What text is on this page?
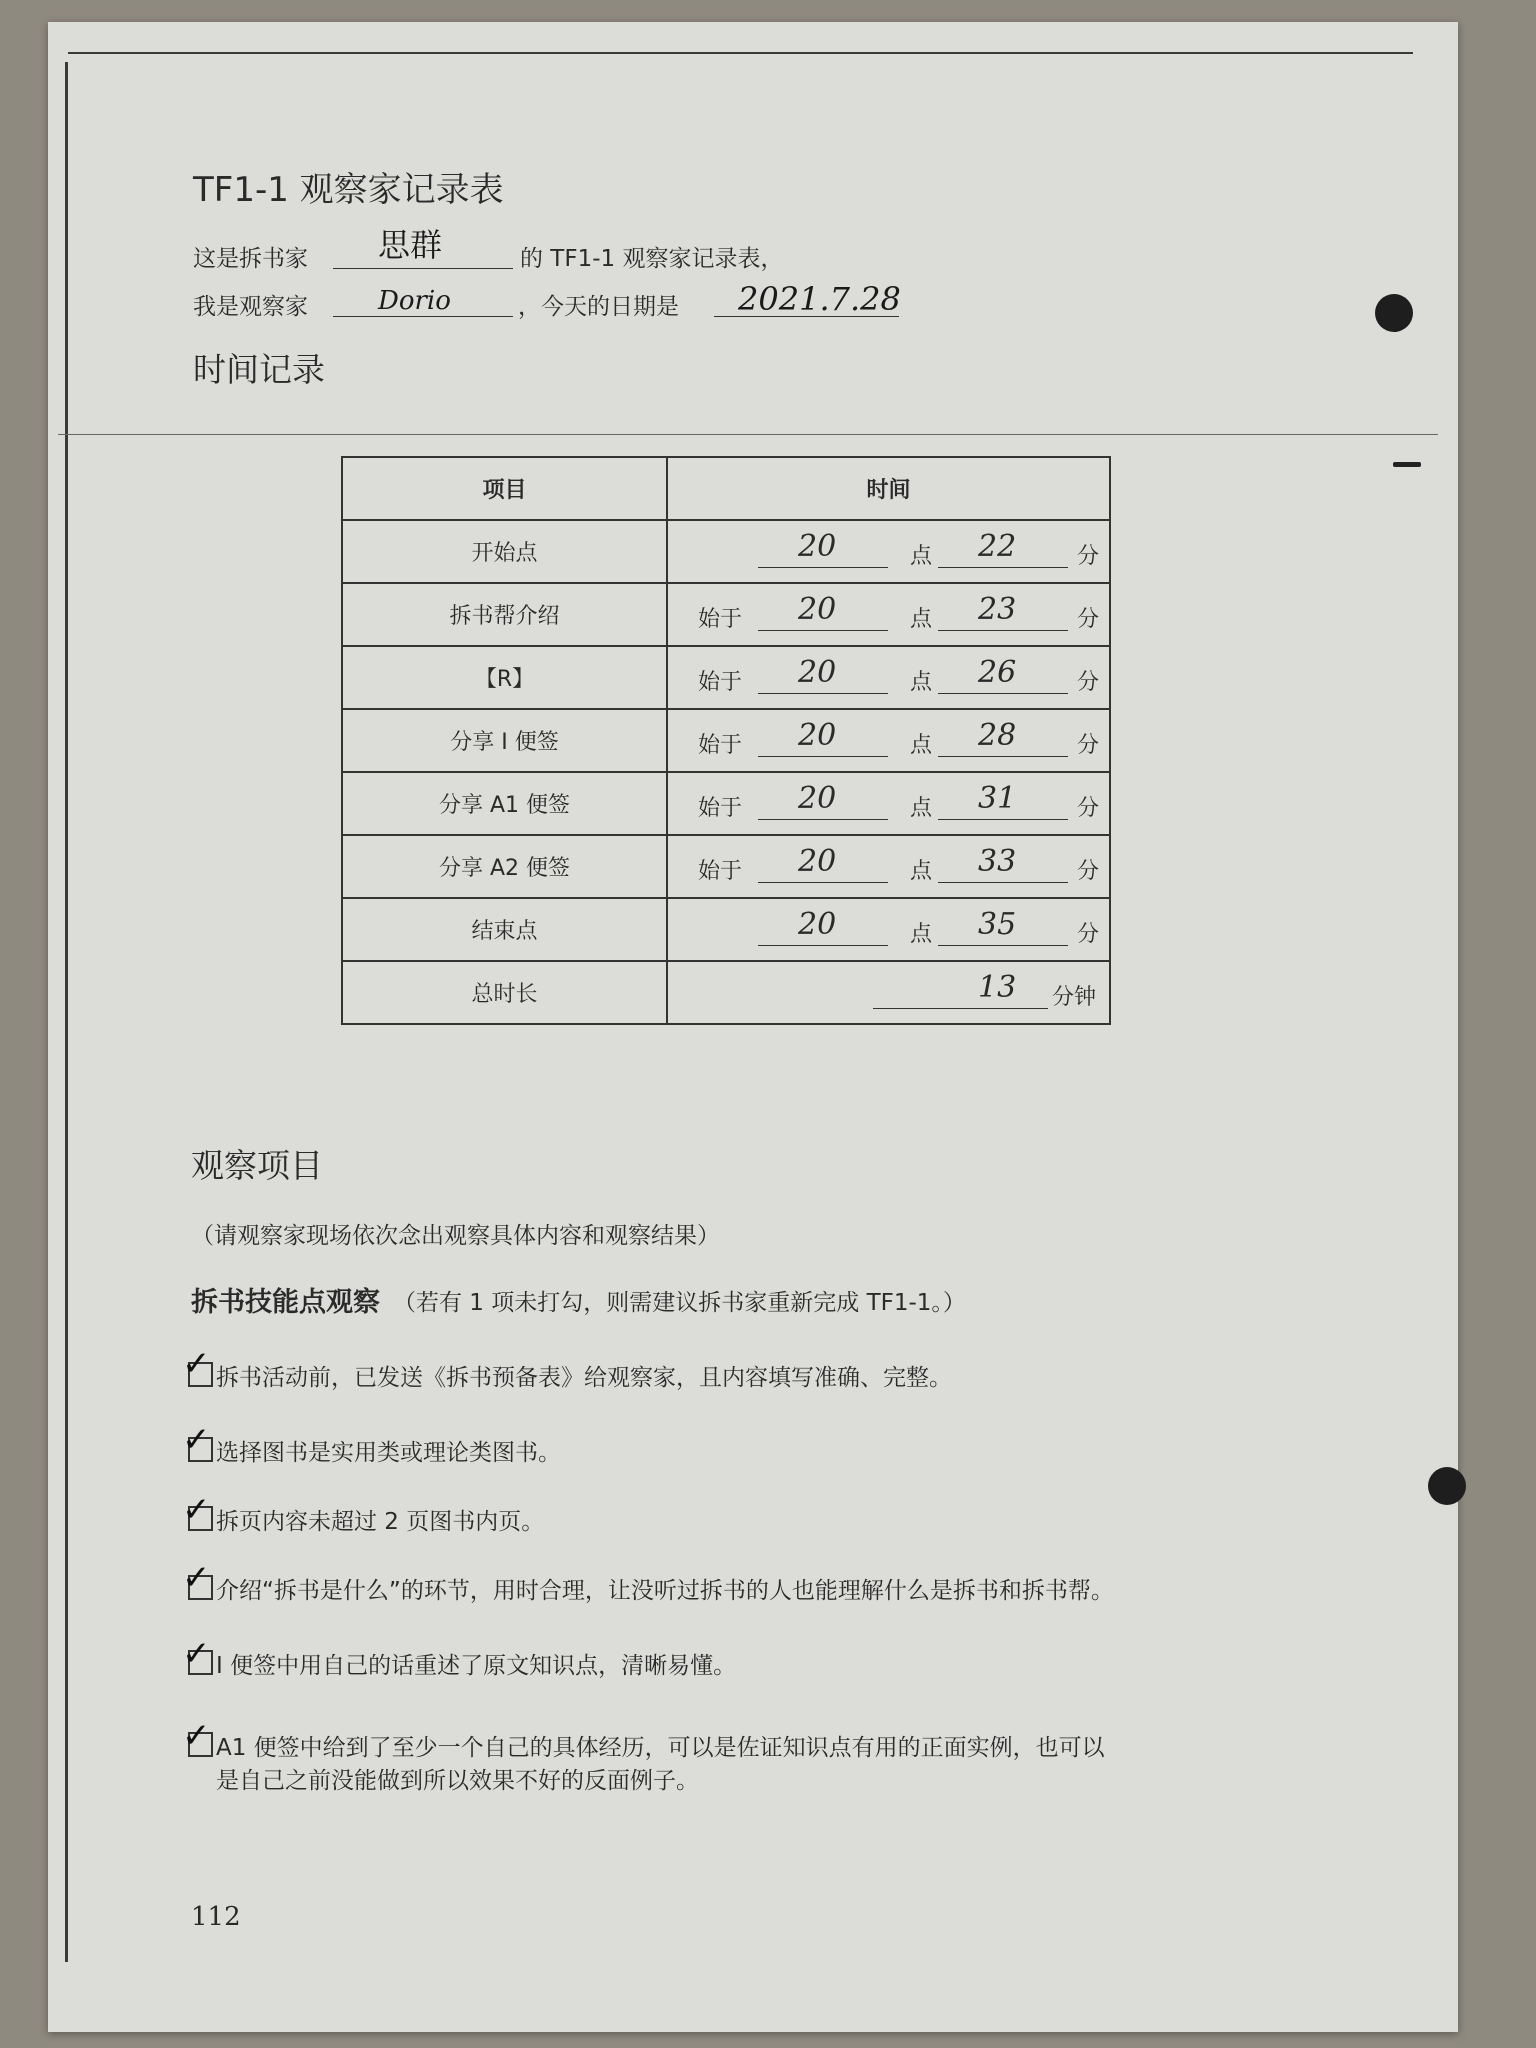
TF1-1 观察家记录表
这是拆书家 思群	的 TF1-1 观察家记录表，
我是观察家	Dorio	，今天的日期是 2021.7.28
时间记录
项目	时间
开始点	20 点 22 分

拆书帮介绍	始于 20 点 23 分

【R】	始于 20 点 26 分

分享 I 便签	始于 20 点 28 分

分享 A1 便签	始于 20 点 31 分

分享 A2 便签	始于 20 点 33 分

结束点	20 点 35 分

总时长	13 分钟
观察项目
（请观察家现场依次念出观察具体内容和观察结果）
拆书技能点观察 （若有 1 项未打勾，则需建议拆书家重新完成 TF1-1。）
✓ 拆书活动前，已发送《拆书预备表》给观察家，且内容填写准确、完整。
✓ 选择图书是实用类或理论类图书。
✓ 拆页内容未超过 2 页图书内页。
✓ 介绍“拆书是什么”的环节，用时合理，让没听过拆书的人也能理解什么是拆书和拆书帮。
✓ I 便签中用自己的话重述了原文知识点，清晰易懂。
✓ A1 便签中给到了至少一个自己的具体经历，可以是佐证知识点有用的正面实例，也可以
是自己之前没能做到所以效果不好的反面例子。
112
